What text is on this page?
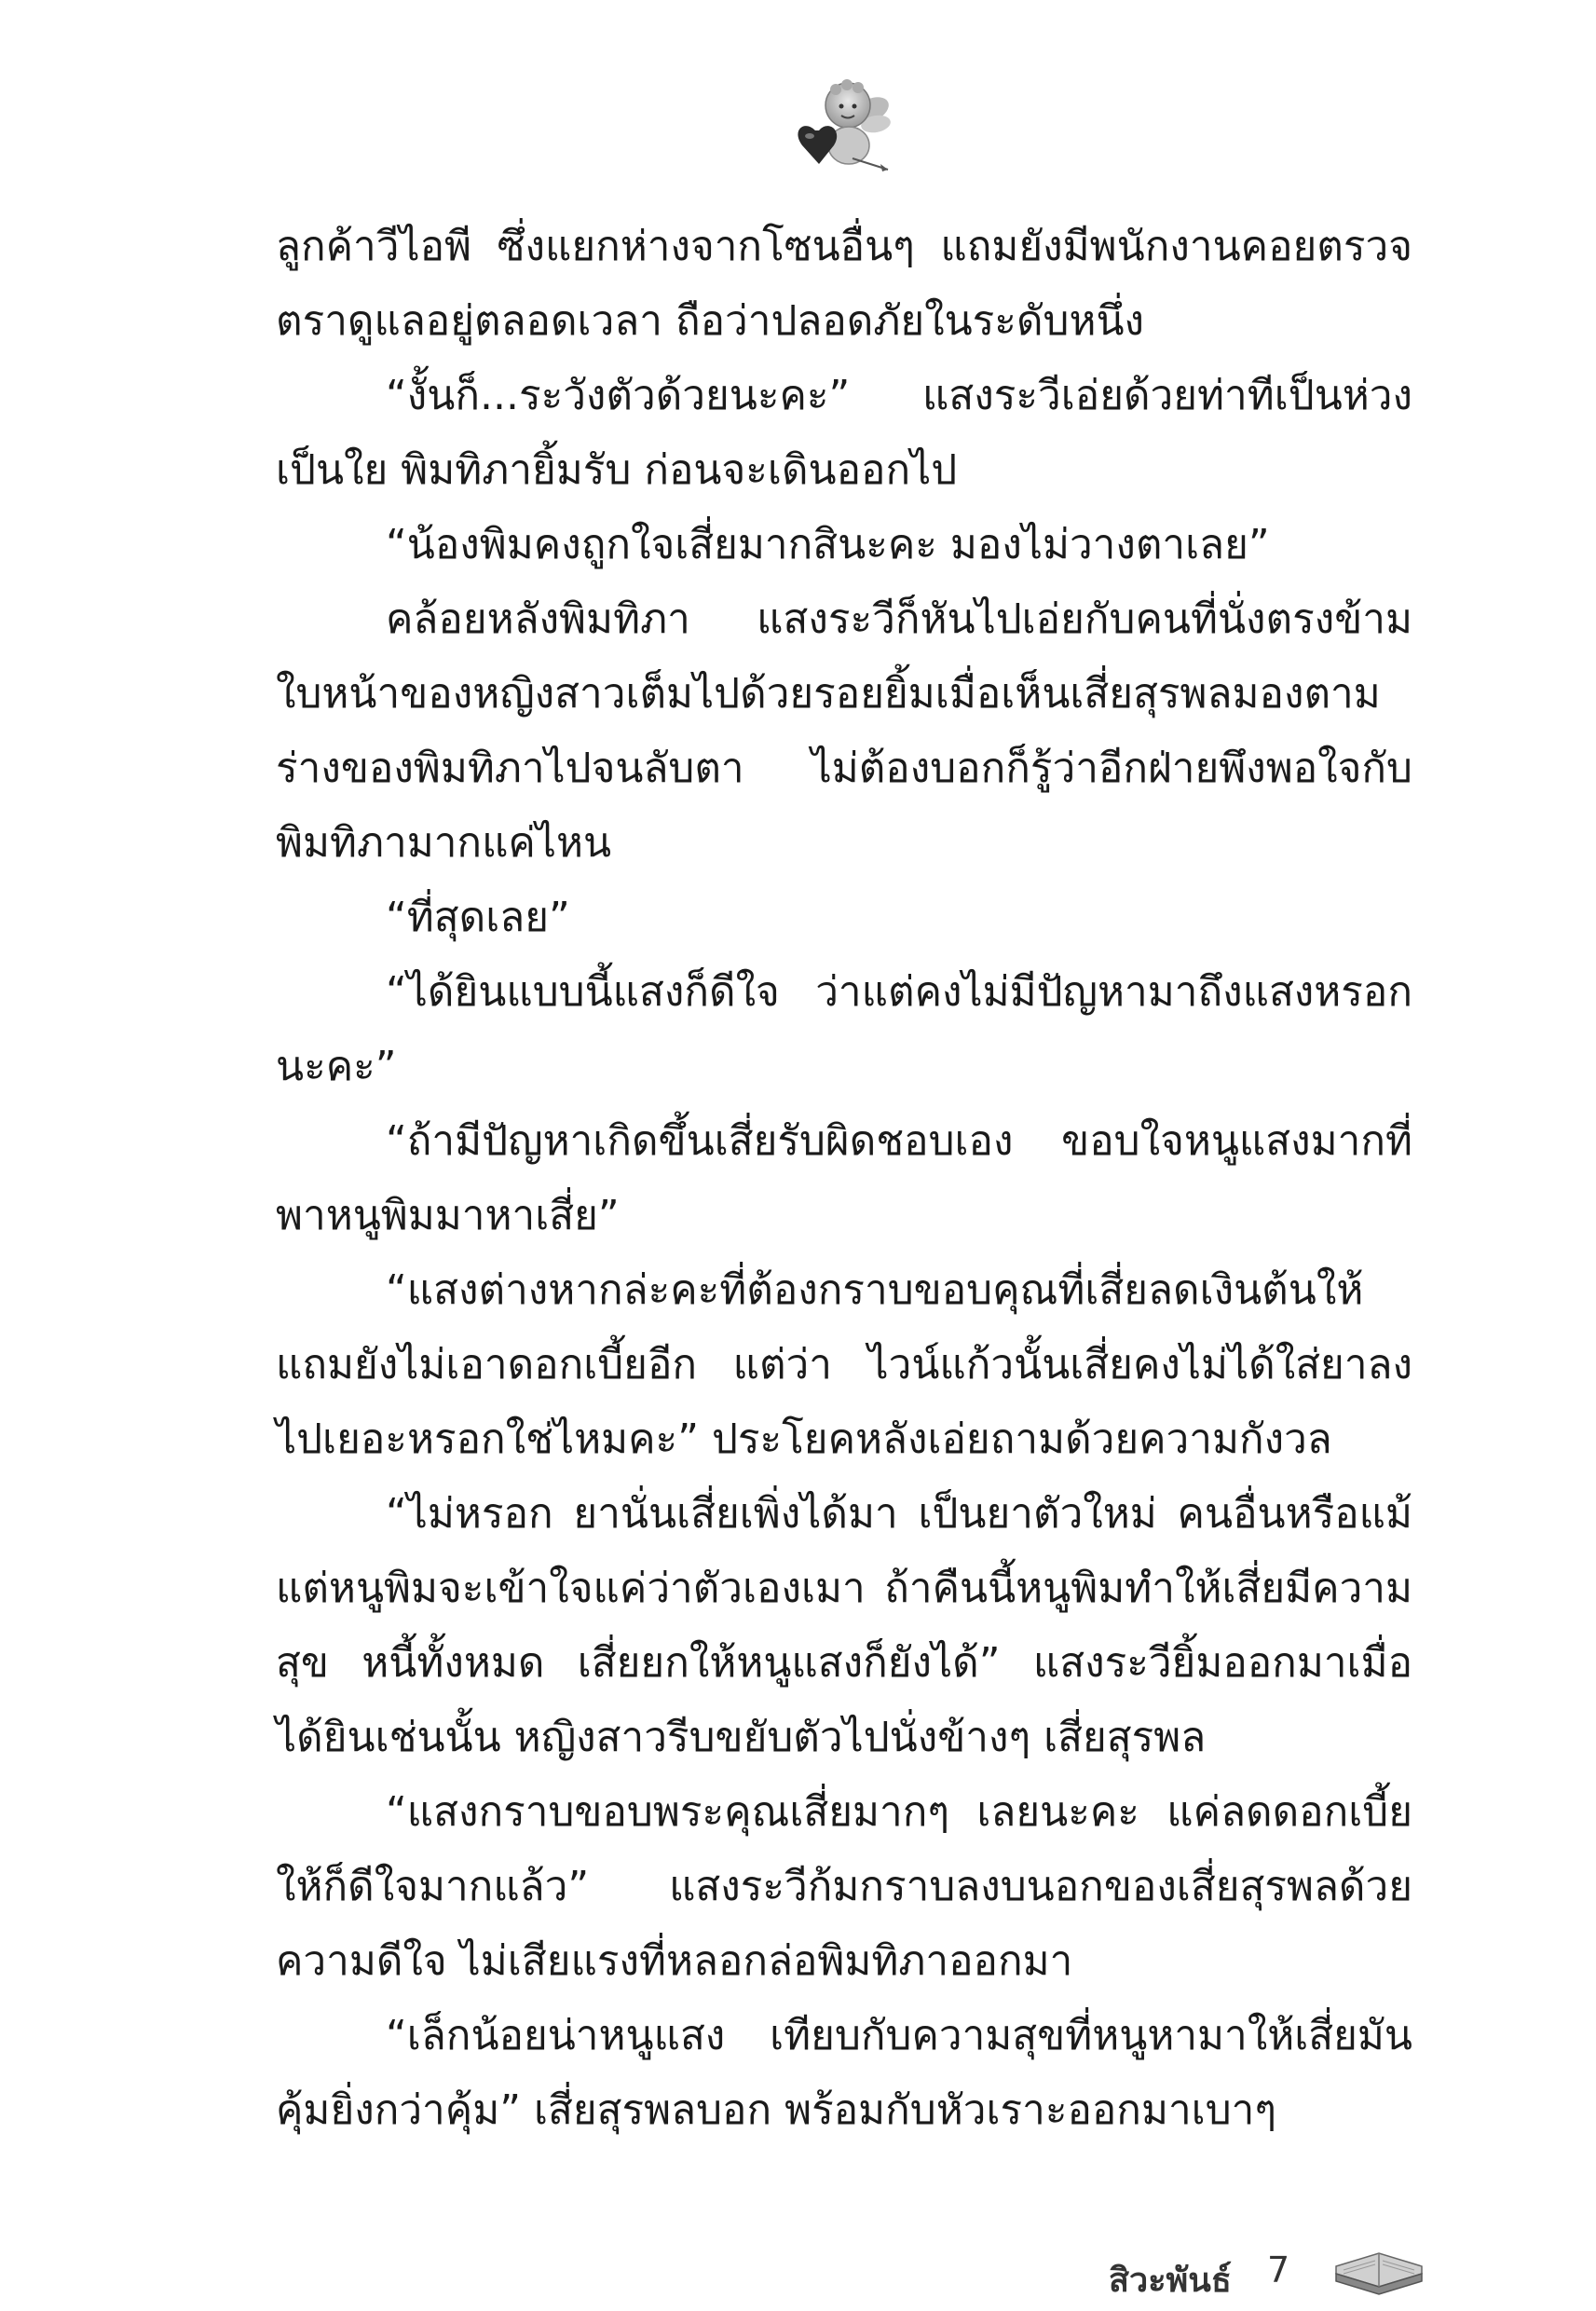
ลูกค้าวีไอพี ซึ่งแยกห่างจากโซนอื่นๆ แถมยังมีพนักงานคอยตรวจตราดูแลอยู่ตลอดเวลา ถือว่าปลอดภัยในระดับหนึ่ง

“งั้นก็...ระวังตัวด้วยนะคะ” แสงระวีเอ่ยด้วยท่าทีเป็นห่วงเป็นใย พิมทิภายิ้มรับ ก่อนจะเดินออกไป

“น้องพิมคงถูกใจเสี่ยมากสินะคะ มองไม่วางตาเลย”

คล้อยหลังพิมทิภา แสงระวีก็หันไปเอ่ยกับคนที่นั่งตรงข้าม ใบหน้าของหญิงสาวเต็มไปด้วยรอยยิ้มเมื่อเห็นเสี่ยสุรพลมองตามร่างของพิมทิภาไปจนลับตา ไม่ต้องบอกก็รู้ว่าอีกฝ่ายพึงพอใจกับพิมทิภามากแค่ไหน

“ที่สุดเลย”

“ได้ยินแบบนี้แสงก็ดีใจ ว่าแต่คงไม่มีปัญหามาถึงแสงหรอกนะคะ”

“ถ้ามีปัญหาเกิดขึ้นเสี่ยรับผิดชอบเอง ขอบใจหนูแสงมากที่พาหนูพิมมาหาเสี่ย”

“แสงต่างหากล่ะคะที่ต้องกราบขอบคุณที่เสี่ยลดเงินต้นให้ แถมยังไม่เอาดอกเบี้ยอีก แต่ว่า ไวน์แก้วนั้นเสี่ยคงไม่ได้ใส่ยาลงไปเยอะหรอกใช่ไหมคะ” ประโยคหลังเอ่ยถามด้วยความกังวล

“ไม่หรอก ยานั่นเสี่ยเพิ่งได้มา เป็นยาตัวใหม่ คนอื่นหรือแม้แต่หนูพิมจะเข้าใจแค่ว่าตัวเองเมา ถ้าคืนนี้หนูพิมทำให้เสี่ยมีความสุข หนี้ทั้งหมด เสี่ยยกให้หนูแสงก็ยังได้” แสงระวียิ้มออกมาเมื่อได้ยินเช่นนั้น หญิงสาวรีบขยับตัวไปนั่งข้างๆ เสี่ยสุรพล

“แสงกราบขอบพระคุณเสี่ยมากๆ เลยนะคะ แค่ลดดอกเบี้ยให้ก็ดีใจมากแล้ว” แสงระวีก้มกราบลงบนอกของเสี่ยสุรพลด้วยความดีใจ ไม่เสียแรงที่หลอกล่อพิมทิภาออกมา

“เล็กน้อยน่าหนูแสง เทียบกับความสุขที่หนูหามาให้เสี่ยมันคุ้มยิ่งกว่าคุ้ม” เสี่ยสุรพลบอก พร้อมกับหัวเราะออกมาเบาๆ

สิวะพันธ์ 7
